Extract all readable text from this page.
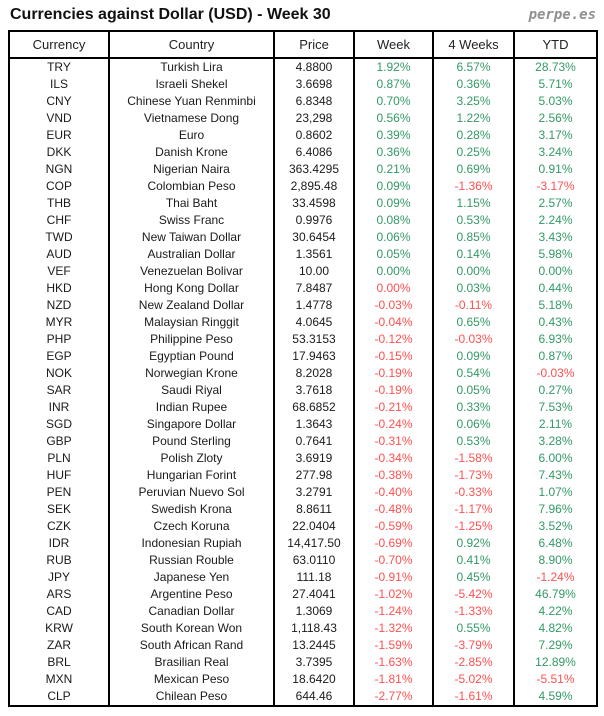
Currencies against Dollar (USD) - Week 30	perpe.es
Currency	Country	Price	Week	4 Weeks	YTD
TRY	Turkish Lira	4.8800	1.92%	6.57%	28.73%
ILS	Israeli Shekel	3.6698	0.87%	0.36%	5.71%
CNY	Chinese Yuan Renminbi	6.8348	0.70%	3.25%	5.03%
VND	Vietnamese Dong	23,298	0.56%	1.22%	2.56%
EUR	Euro	0.8602	0.39%	0.28%	3.17%
DKK	Danish Krone	6.4086	0.36%	0.25%	3.24%
NGN	Nigerian Naira	363.4295	0.21%	0.69%	0.91%
COP	Colombian Peso	2,895.48	0.09%	-1.36%	-3.17%
THB	Thai Baht	33.4598	0.09%	1.15%	2.57%
CHF	Swiss Franc	0.9976	0.08%	0.53%	2.24%
TWD	New Taiwan Dollar	30.6454	0.06%	0.85%	3.43%
AUD	Australian Dollar	1.3561	0.05%	0.14%	5.98%
VEF	Venezuelan Bolivar	10.00	0.00%	0.00%	0.00%
HKD	Hong Kong Dollar	7.8487	0.00%	0.03%	0.44%
NZD	New Zealand Dollar	1.4778	-0.03%	-0.11%	5.18%
MYR	Malaysian Ringgit	4.0645	-0.04%	0.65%	0.43%
PHP	Philippine Peso	53.3153	-0.12%	-0.03%	6.93%
EGP	Egyptian Pound	17.9463	-0.15%	0.09%	0.87%
NOK	Norwegian Krone	8.2028	-0.19%	0.54%	-0.03%
SAR	Saudi Riyal	3.7618	-0.19%	0.05%	0.27%
INR	Indian Rupee	68.6852	-0.21%	0.33%	7.53%
SGD	Singapore Dollar	1.3643	-0.24%	0.06%	2.11%
GBP	Pound Sterling	0.7641	-0.31%	0.53%	3.28%
PLN	Polish Zloty	3.6919	-0.34%	-1.58%	6.00%
HUF	Hungarian Forint	277.98	-0.38%	-1.73%	7.43%
PEN	Peruvian Nuevo Sol	3.2791	-0.40%	-0.33%	1.07%
SEK	Swedish Krona	8.8611	-0.48%	-1.17%	7.96%
CZK	Czech Koruna	22.0404	-0.59%	-1.25%	3.52%
IDR	Indonesian Rupiah	14,417.50	-0.69%	0.92%	6.48%
RUB	Russian Rouble	63.0110	-0.70%	0.41%	8.90%
JPY	Japanese Yen	111.18	-0.91%	0.45%	-1.24%
ARS	Argentine Peso	27.4041	-1.02%	-5.42%	46.79%
CAD	Canadian Dollar	1.3069	-1.24%	-1.33%	4.22%
KRW	South Korean Won	1,118.43	-1.32%	0.55%	4.82%
ZAR	South African Rand	13.2445	-1.59%	-3.79%	7.29%
BRL	Brasilian Real	3.7395	-1.63%	-2.85%	12.89%
MXN	Mexican Peso	18.6420	-1.81%	-5.02%	-5.51%
CLP	Chilean Peso	644.46	-2.77%	-1.61%	4.59%
